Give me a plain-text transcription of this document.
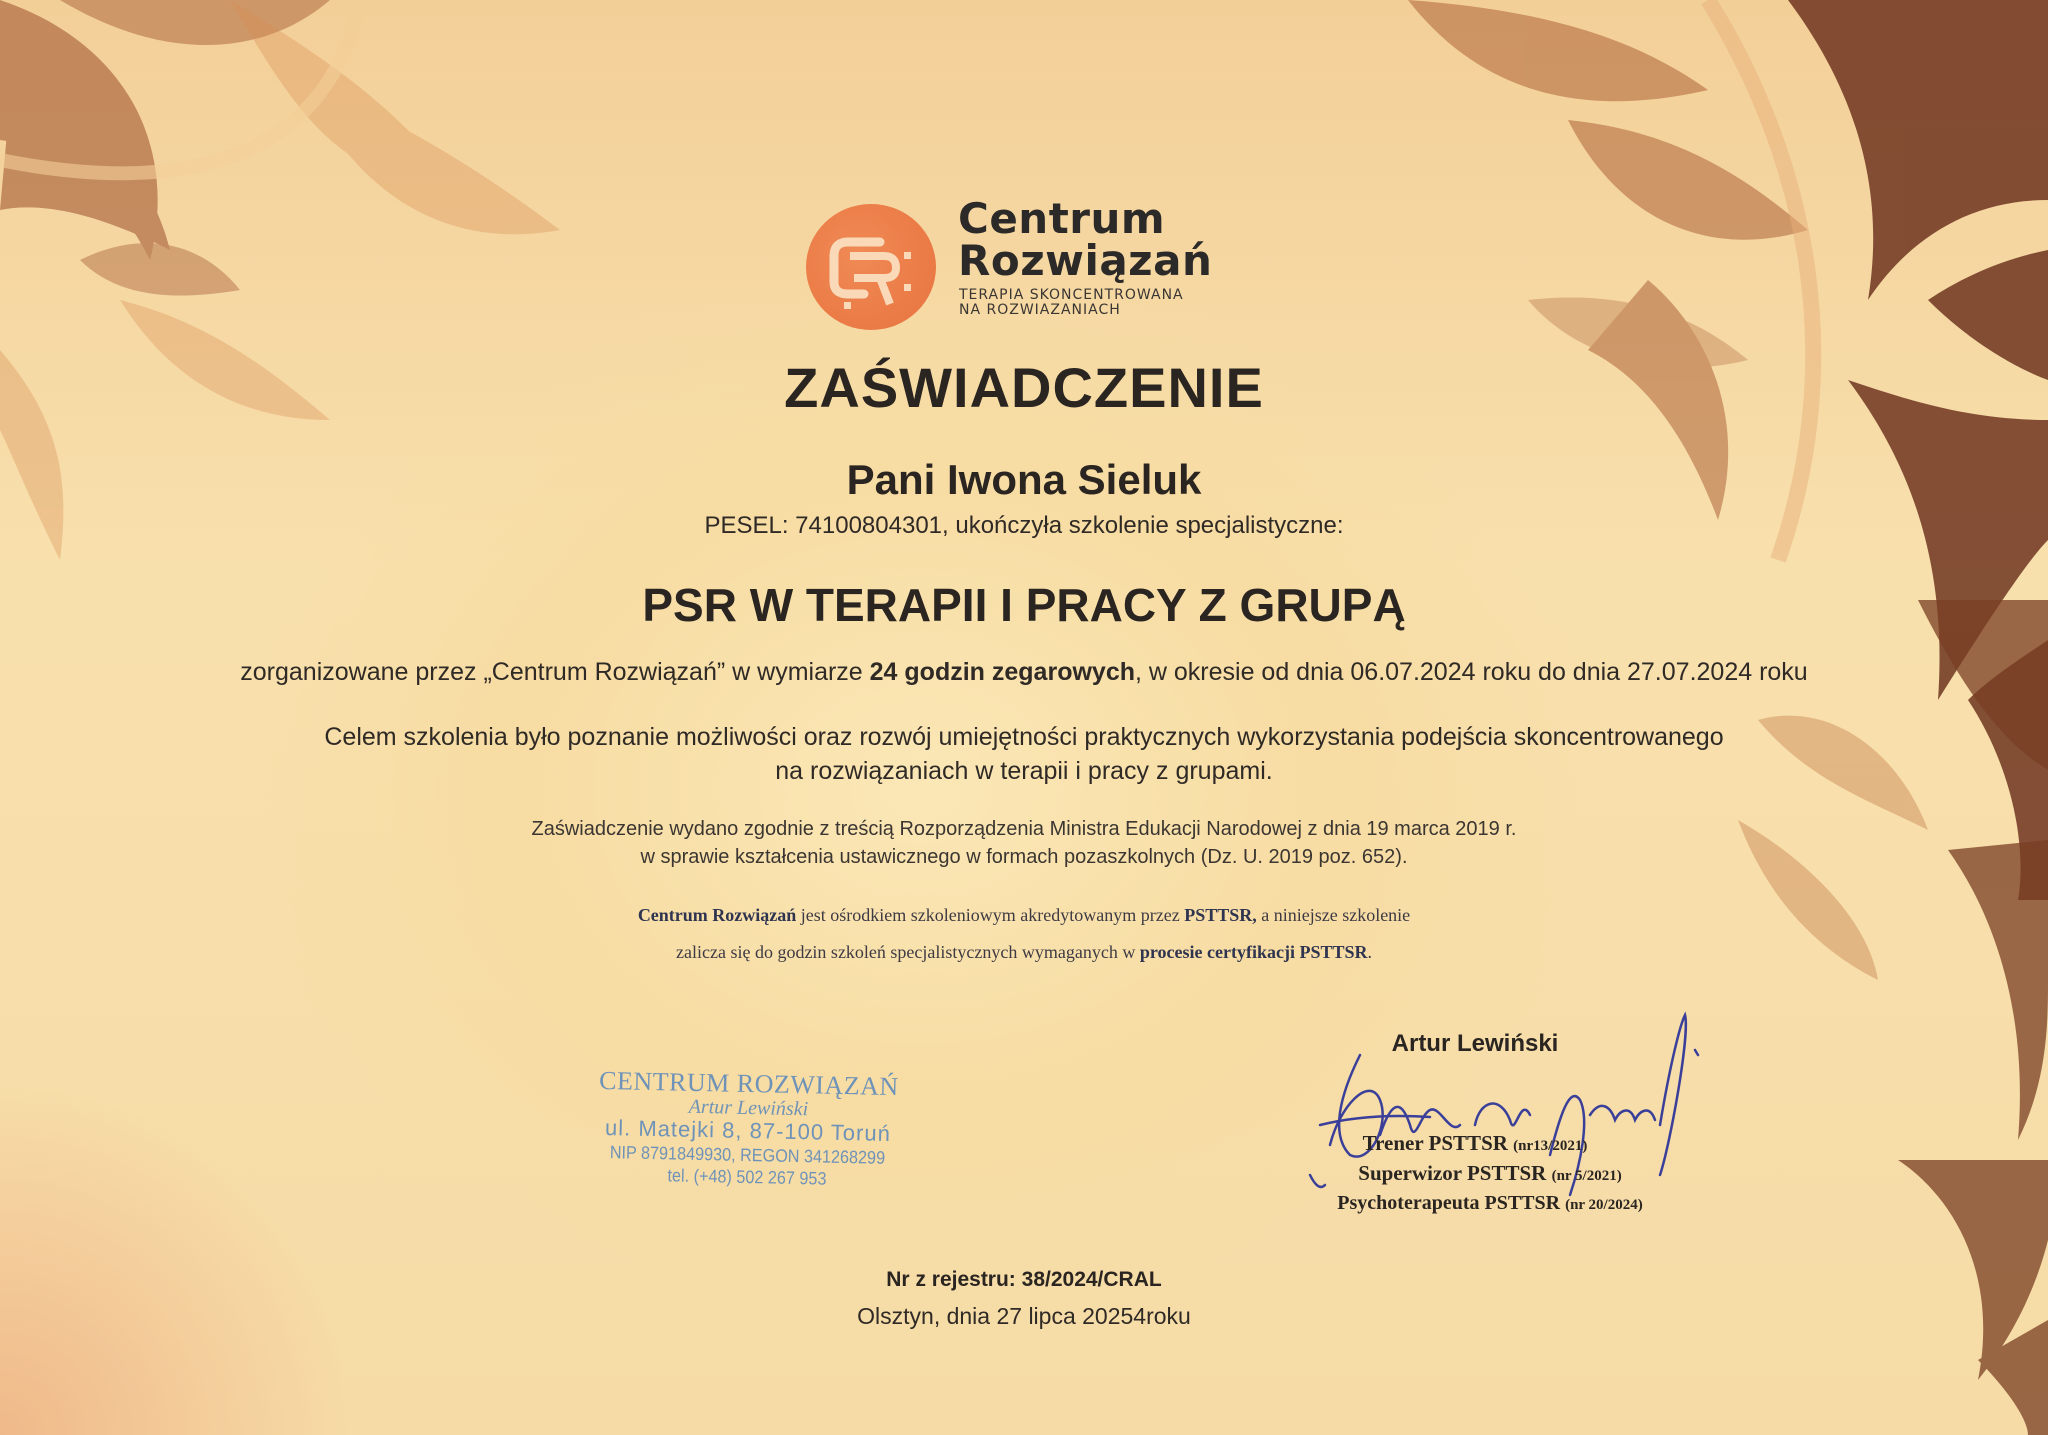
Centrum
Rozwiązań
TERAPIA SKONCENTROWANA
NA ROZWIAZANIACH
ZAŚWIADCZENIE
Pani Iwona Sieluk
PESEL: 74100804301, ukończyła szkolenie specjalistyczne:
PSR W TERAPII I PRACY Z GRUPĄ
zorganizowane przez „Centrum Rozwiązań” w wymiarze 24 godzin zegarowych, w okresie od dnia 06.07.2024 roku do dnia 27.07.2024 roku
Celem szkolenia było poznanie możliwości oraz rozwój umiejętności praktycznych wykorzystania podejścia skoncentrowanego
na rozwiązaniach w terapii i pracy z grupami.
Zaświadczenie wydano zgodnie z treścią Rozporządzenia Ministra Edukacji Narodowej z dnia 19 marca 2019 r.
w sprawie kształcenia ustawicznego w formach pozaszkolnych (Dz. U. 2019 poz. 652).
Centrum Rozwiązań jest ośrodkiem szkoleniowym akredytowanym przez PSTTSR, a niniejsze szkolenie
zalicza się do godzin szkoleń specjalistycznych wymaganych w procesie certyfikacji PSTTSR.
CENTRUM ROZWIĄZAŃ
Artur Lewiński
ul. Matejki 8, 87-100 Toruń
NIP 8791849930, REGON 341268299
tel. (+48) 502 267 953
Artur Lewiński
Trener PSTTSR (nr13/2021)
Superwizor PSTTSR (nr 5/2021)
Psychoterapeuta PSTTSR (nr 20/2024)
Nr z rejestru: 38/2024/CRAL
Olsztyn, dnia 27 lipca 20254roku
